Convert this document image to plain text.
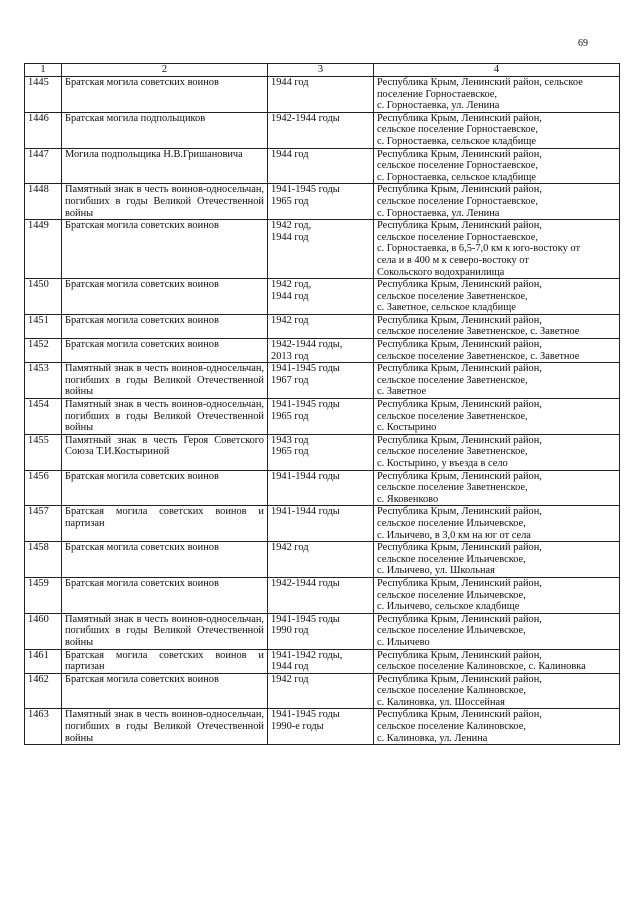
69
1	2	3	4
1445	Братская могила советских воинов	1944 год	Республика Крым, Ленинский район, сельское
поселение Горностаевское,
с. Горностаевка, ул. Ленина
1446	Братская могила подпольщиков	1942-1944 годы	Республика Крым, Ленинский район,
сельское поселение Горностаевское,
с. Горностаевка, сельское кладбище
1447	Могила подпольщика Н.В.Гришановича	1944 год	Республика Крым, Ленинский район,
сельское поселение Горностаевское,
с. Горностаевка, сельское кладбище
1448	Памятный знак в честь воинов-односельчан, погибших в годы Великой Отечественной войны	1941-1945 годы
1965 год	Республика Крым, Ленинский район,
сельское поселение Горностаевское,
с. Горностаевка, ул. Ленина
1449	Братская могила советских воинов	1942 год,
1944 год	Республика Крым, Ленинский район,
сельское поселение Горностаевское,
с. Горностаевка, в 6,5-7,0 км к юго-востоку от
села и в 400 м к северо-востоку от
Сокольского водохранилища
1450	Братская могила советских воинов	1942 год,
1944 год	Республика Крым, Ленинский район,
сельское поселение Заветненское,
с. Заветное, сельское кладбище
1451	Братская могила советских воинов	1942 год	Республика Крым, Ленинский район,
сельское поселение Заветненское, с. Заветное
1452	Братская могила советских воинов	1942-1944 годы,
2013 год	Республика Крым, Ленинский район,
сельское поселение Заветненское, с. Заветное
1453	Памятный знак в честь воинов-односельчан, погибших в годы Великой Отечественной войны	1941-1945 годы
1967 год	Республика Крым, Ленинский район,
сельское поселение Заветненское,
с. Заветное
1454	Памятный знак в честь воинов-односельчан, погибших в годы Великой Отечественной войны	1941-1945 годы
1965 год	Республика Крым, Ленинский район,
сельское поселение Заветненское,
с. Костырино
1455	Памятный знак в честь Героя Советского Союза Т.И.Костыриной	1943 год
1965 год	Республика Крым, Ленинский район,
сельское поселение Заветненское,
с. Костырино, у въезда в село
1456	Братская могила советских воинов	1941-1944 годы	Республика Крым, Ленинский район,
сельское поселение Заветненское,
с. Яковенково
1457	Братская могила советских воинов и партизан	1941-1944 годы	Республика Крым, Ленинский район,
сельское поселение Ильичевское,
с. Ильичево, в 3,0 км на юг от села
1458	Братская могила советских воинов	1942 год	Республика Крым, Ленинский район,
сельское поселение Ильичевское,
с. Ильичево, ул. Школьная
1459	Братская могила советских воинов	1942-1944 годы	Республика Крым, Ленинский район,
сельское поселение Ильичевское,
с. Ильичево, сельское кладбище
1460	Памятный знак в честь воинов-односельчан, погибших в годы Великой Отечественной войны	1941-1945 годы
1990 год	Республика Крым, Ленинский район,
сельское поселение Ильичевское,
с. Ильичево
1461	Братская могила советских воинов и партизан	1941-1942 годы,
1944 год	Республика Крым, Ленинский район,
сельское поселение Калиновское, с. Калиновка
1462	Братская могила советских воинов	1942 год	Республика Крым, Ленинский район,
сельское поселение Калиновское,
с. Калиновка, ул. Шоссейная
1463	Памятный знак в честь воинов-односельчан, погибших в годы Великой Отечественной войны	1941-1945 годы
1990-е годы	Республика Крым, Ленинский район,
сельское поселение Калиновское,
с. Калиновка, ул. Ленина
